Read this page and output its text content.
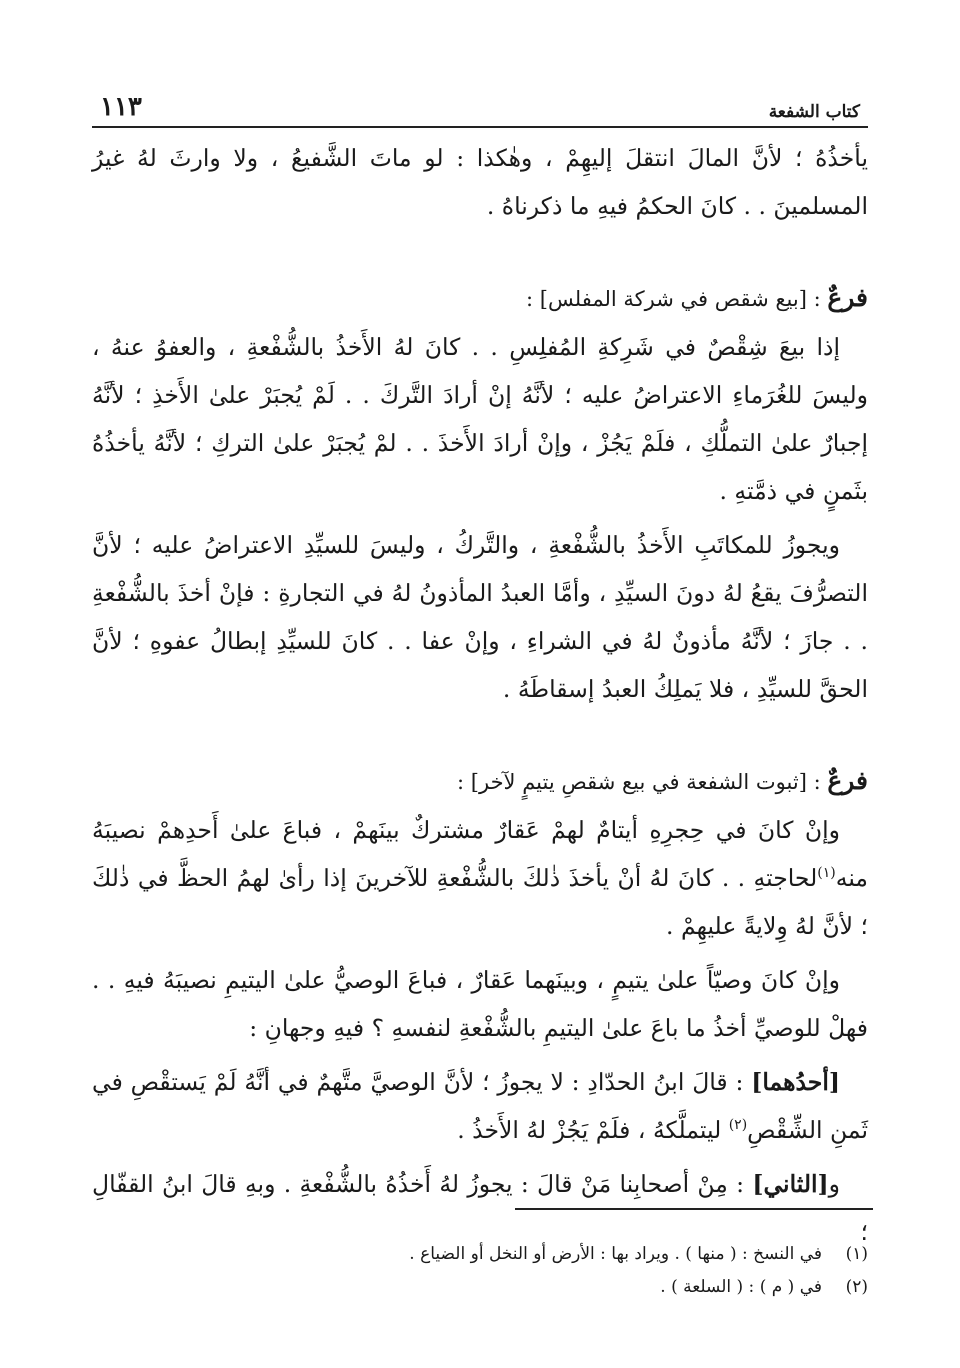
كتاب الشفعة
١١٣

يأخذُهُ ؛ لأنَّ المالَ انتقلَ إليهِمْ ، وهٰكذا : لو ماتَ الشَّفيعُ ، ولا وارثَ لهُ غيرُ المسلمينَ . . كانَ الحكمُ فيهِ ما ذكرناهُ .

فرعٌ : [بيع شقص في شركة المفلس] :

إذا بيعَ شِقْصٌ في شَرِكةِ المُفلِسِ . . كانَ لهُ الأَخذُ بالشُّفْعةِ ، والعفوُ عنهُ ، وليسَ للغُرَماءِ الاعتراضُ عليه ؛ لأنَّهُ إنْ أرادَ التَّركَ . . لَمْ يُجبَرْ علىٰ الأَخذِ ؛ لأنَّهُ إجبارٌ علىٰ التملُّكِ ، فلَمْ يَجُزْ ، وإنْ أرادَ الأَخذَ . . لمْ يُجبَرْ علىٰ التركِ ؛ لأنَّهُ يأخذُهُ بثَمنٍ في ذمَّتهِ .

ويجوزُ للمكاتَبِ الأَخذُ بالشُّفْعةِ ، والتَّركُ ، وليسَ للسيِّدِ الاعتراضُ عليه ؛ لأنَّ التصرُّفَ يقعُ لهُ دونَ السيِّدِ ، وأمَّا العبدُ المأذونُ لهُ في التجارةِ : فإنْ أخذَ بالشُّفْعةِ . . جازَ ؛ لأنَّهُ مأذونٌ لهُ في الشراءِ ، وإنْ عفا . . كانَ للسيِّدِ إبطالُ عفوهِ ؛ لأنَّ الحقَّ للسيِّدِ ، فلا يَملِكُ العبدُ إسقاطَهُ .

فرعٌ : [ثبوت الشفعة في بيع شقصِ يتيمٍ لآخر] :

وإنْ كانَ في حِجرِهِ أيتامٌ لهمْ عَقارٌ مشتركٌ بينَهمْ ، فباعَ علىٰ أَحدِهمْ نصيبَهُ منه$^{(١)}$لحاجتهِ . . كانَ لهُ أنْ يأخذَ ذٰلكَ بالشُّفْعةِ للآخرينَ إذا رأىٰ لهمُ الحظَّ في ذٰلكَ ؛ لأنَّ لهُ وِلايةً عليهِمْ .

وإنْ كانَ وصيّاً علىٰ يتيمٍ ، وبينَهما عَقارٌ ، فباعَ الوصيُّ علىٰ اليتيمِ نصيبَهُ فيهِ . . فهلْ للوصيِّ أخذُ ما باعَ علىٰ اليتيمِ بالشُّفْعةِ لنفسهِ ؟ فيهِ وجهانِ :

[أحدُهما] : قالَ ابنُ الحدّادِ : لا يجوزُ ؛ لأنَّ الوصيَّ متَّهمٌ في أنَّهُ لَمْ يَستقْصِ في ثَمنِ الشِّقْصِ$^{(٢)}$ ليتملَّكهُ ، فلَمْ يَجُزْ لهُ الأَخذُ .

و[الثاني] : مِنْ أصحابِنا مَنْ قالَ : يجوزُ لهُ أَخذُهُ بالشُّفْعةِ . وبهِ قالَ ابنُ القفّالِ ؛

(١)
في النسخ : ( منها ) . ويراد بها : الأرض أو النخل أو الضياع .
(٢)
في ( م ) : ( السلعة ) .
